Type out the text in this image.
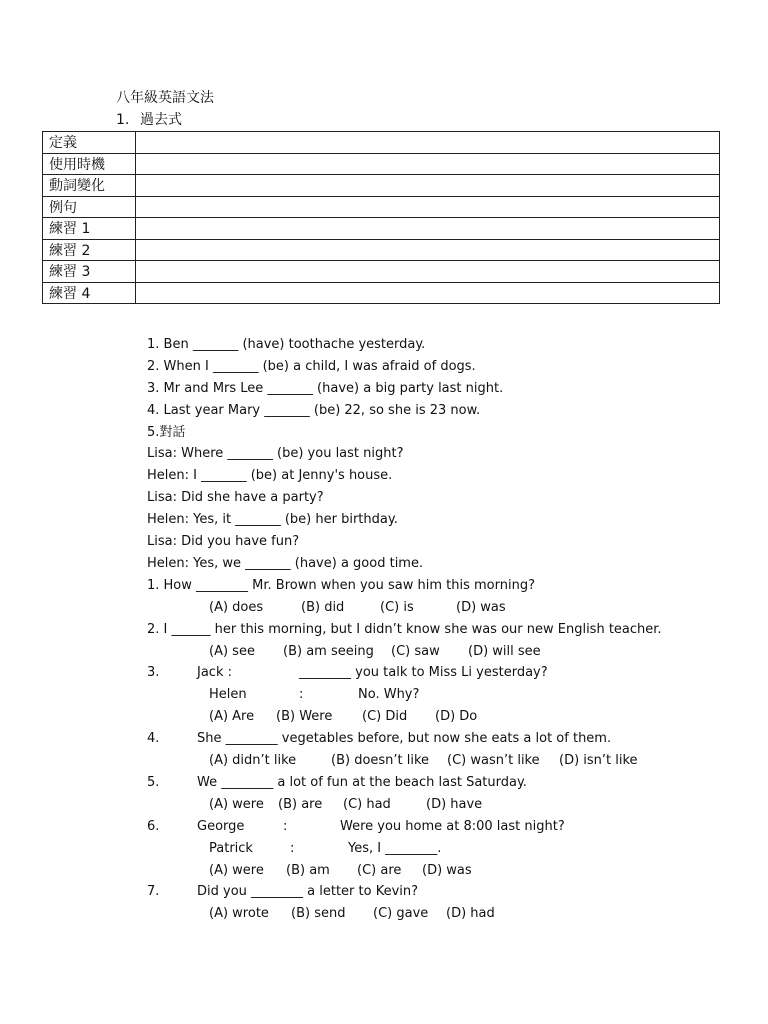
八年級英語文法
1. 過去式
定義	
使用時機	
動詞變化	
例句	
練習 1	
練習 2	
練習 3	
練習 4	
1. Ben _______ (have) toothache yesterday.
2. When I _______ (be) a child, I was afraid of dogs.
3. Mr and Mrs Lee _______ (have) a big party last night.
4. Last year Mary _______ (be) 22, so she is 23 now.
5.對話
Lisa: Where _______ (be) you last night?
Helen: I _______ (be) at Jenny's house.
Lisa: Did she have a party?
Helen: Yes, it _______ (be) her birthday.
Lisa: Did you have fun?
Helen: Yes, we _______ (have) a good time.
1. How ________ Mr. Brown when you saw him this morning?
(A) does	(B) did	(C) is	(D) was
2. I ______ her this morning, but I didn’t know she was our new English teacher.
(A) see (B) am seeing (C) saw (D) will see
3.	Jack :	________ you talk to Miss Li yesterday?
Helen	:	No. Why?
(A) Are (B) Were (C) Did (D) Do
4.	She ________ vegetables before, but now she eats a lot of them.
(A) didn’t like	(B) doesn’t like (C) wasn’t like (D) isn’t like
5.	We ________ a lot of fun at the beach last Saturday.
(A) were (B) are (C) had	(D) have
6.	George	:	Were you home at 8:00 last night?
Patrick	:	Yes, I ________.
(A) were (B) am (C) are (D) was
7.	Did you ________ a letter to Kevin?
(A) wrote (B) send (C) gave (D) had
